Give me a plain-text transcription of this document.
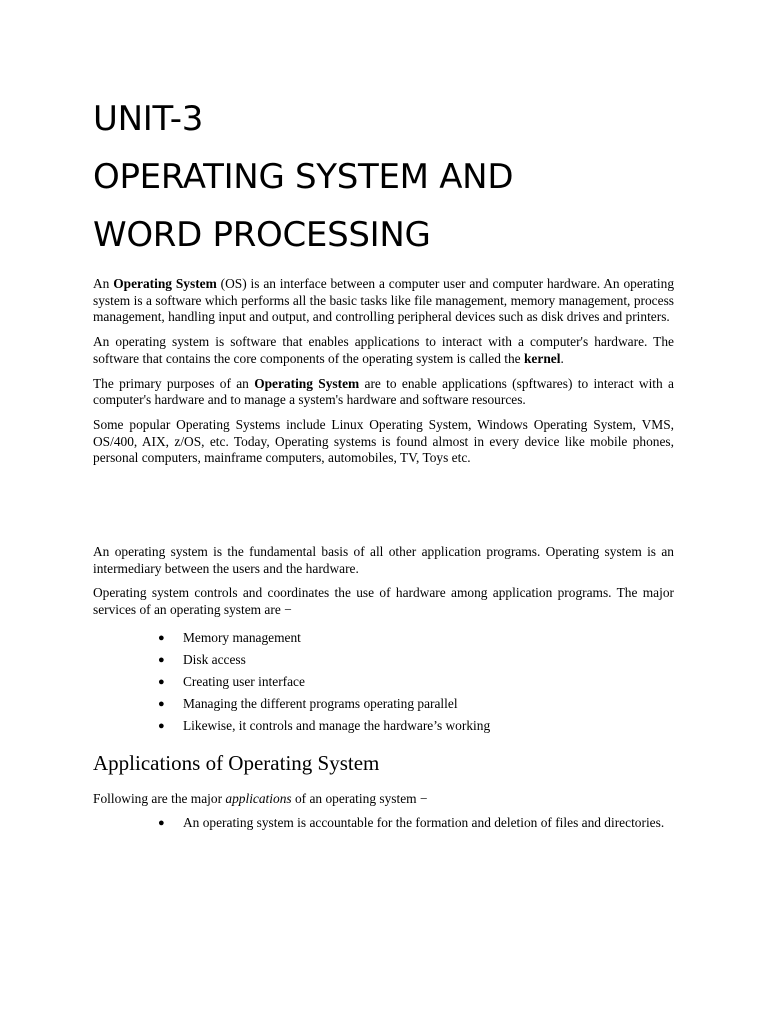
UNIT-3
OPERATING SYSTEM AND
WORD PROCESSING

An Operating System (OS) is an interface between a computer user and computer hardware. An operating system is a software which performs all the basic tasks like file management, memory management, process management, handling input and output, and controlling peripheral devices such as disk drives and printers.

An operating system is software that enables applications to interact with a computer's hardware. The software that contains the core components of the operating system is called the kernel.

The primary purposes of an Operating System are to enable applications (spftwares) to interact with a computer's hardware and to manage a system's hardware and software resources.

Some popular Operating Systems include Linux Operating System, Windows Operating System, VMS, OS/400, AIX, z/OS, etc. Today, Operating systems is found almost in every device like mobile phones, personal computers, mainframe computers, automobiles, TV, Toys etc.

An operating system is the fundamental basis of all other application programs. Operating system is an intermediary between the users and the hardware.

Operating system controls and coordinates the use of hardware among application programs. The major services of an operating system are −

● Memory management
● Disk access
● Creating user interface
● Managing the different programs operating parallel
● Likewise, it controls and manage the hardware’s working
Applications of Operating System

Following are the major applications of an operating system −

● An operating system is accountable for the formation and deletion of files and directories.
